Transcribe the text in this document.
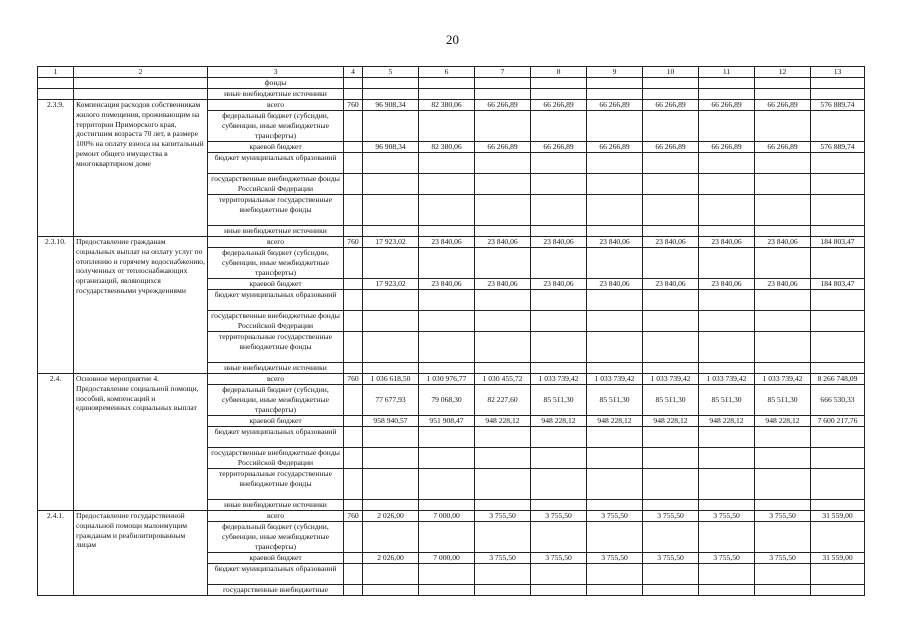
20
1	2	3	4	5	6	7	8	9	10	11	12	13
		фонды										
		иные внебюджетные источники										
2.3.9.	Компенсация расходов собственникам жилого помещения, проживающим на территории Приморского края, достигшим возраста 70 лет, в размере 100% на оплату взноса на капитальный ремонт общего имущества в многоквартирном доме	всего	760	96 908,34	82 380,06	66 266,89	66 266,89	66 266,89	66 266,89	66 266,89	66 266,89	576 889,74
		федеральный бюджет (субсидии, субвенции, иные межбюджетные трансферты)										
		краевой бюджет		96 908,34	82 380,06	66 266,89	66 266,89	66 266,89	66 266,89	66 266,89	66 266,89	576 889,74
		бюджет муниципальных образований										
		государственные внебюджетные фонды Российской Федерации										
		территориальные государственные внебюджетные фонды										
		иные внебюджетные источники										
2.3.10.	Предоставление гражданам социальных выплат на оплату услуг по отоплению и горячему водоснабжению, полученных от теплоснабжающих организаций, являющихся государственными учреждениями	всего	760	17 923,02	23 840,06	23 840,06	23 840,06	23 840,06	23 840,06	23 840,06	23 840,06	184 803,47
		федеральный бюджет (субсидии, субвенции, иные межбюджетные трансферты)										
		краевой бюджет		17 923,02	23 840,06	23 840,06	23 840,06	23 840,06	23 840,06	23 840,06	23 840,06	184 803,47
		бюджет муниципальных образований										
		государственные внебюджетные фонды Российской Федерации										
		территориальные государственные внебюджетные фонды										
		иные внебюджетные источники										
2.4.	Основное мероприятие 4. Предоставление социальной помощи, пособий, компенсаций и единовременных социальных выплат	всего	760	1 036 618,50	1 030 976,77	1 030 455,72	1 033 739,42	1 033 739,42	1 033 739,42	1 033 739,42	1 033 739,42	8 266 748,09
		федеральный бюджет (субсидии, субвенции, иные межбюджетные трансферты)		77 677,93	79 068,30	82 227,60	85 511,30	85 511,30	85 511,30	85 511,30	85 511,30	666 530,33
		краевой бюджет		958 940,57	951 908,47	948 228,12	948 228,12	948 228,12	948 228,12	948 228,12	948 228,12	7 600 217,76
		бюджет муниципальных образований										
		государственные внебюджетные фонды Российской Федерации										
		территориальные государственные внебюджетные фонды										
		иные внебюджетные источники										
2.4.1.	Предоставление государственной социальной помощи малоимущим гражданам и реабилитированным лицам	всего	760	2 026,00	7 000,00	3 755,50	3 755,50	3 755,50	3 755,50	3 755,50	3 755,50	31 559,00
		федеральный бюджет (субсидии, субвенции, иные межбюджетные трансферты)										
		краевой бюджет		2 026,00	7 000,00	3 755,50	3 755,50	3 755,50	3 755,50	3 755,50	3 755,50	31 559,00
		бюджет муниципальных образований										
		государственные внебюджетные										
